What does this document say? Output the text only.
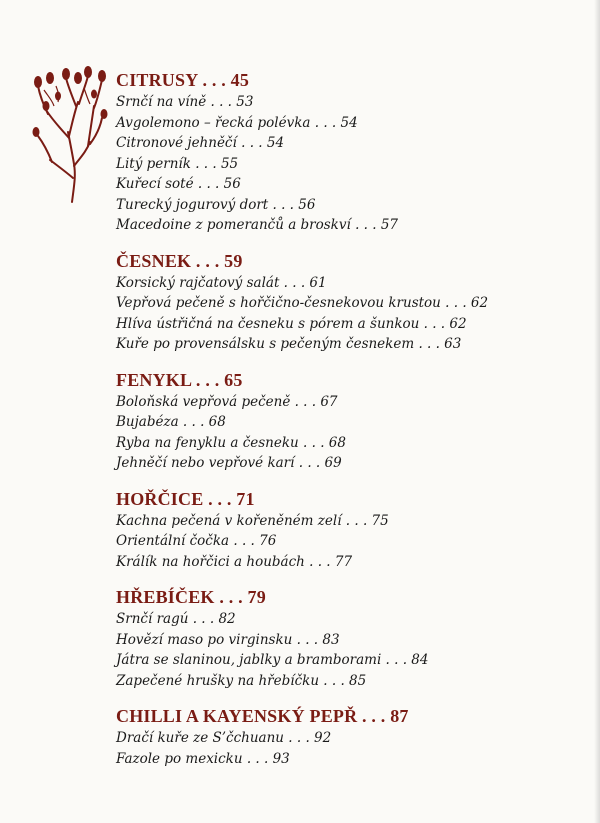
CITRUSY . . . 45
Srnčí na víně . . . 53
Avgolemono – řecká polévka . . . 54
Citronové jehněčí . . . 54
Litý perník . . . 55
Kuřecí soté . . . 56
Turecký jogurový dort . . . 56
Macedoine z pomerančů a broskví . . . 57
ČESNEK . . . 59
Korsický rajčatový salát . . . 61
Vepřová pečeně s hořčično-česnekovou krustou . . . 62
Hlíva ústřičná na česneku s pórem a šunkou . . . 62
Kuře po provensálsku s pečeným česnekem . . . 63
FENYKL . . . 65
Boloňská vepřová pečeně . . . 67
Bujabéza . . . 68
Ryba na fenyklu a česneku . . . 68
Jehněčí nebo vepřové karí . . . 69
HOŘČICE . . . 71
Kachna pečená v kořeněném zelí . . . 75
Orientální čočka . . . 76
Králík na hořčici a houbách . . . 77
HŘEBÍČEK . . . 79
Srnčí ragú . . . 82
Hovězí maso po virginsku . . . 83
Játra se slaninou, jablky a bramborami . . . 84
Zapečené hrušky na hřebíčku . . . 85
CHILLI A KAYENSKÝ PEPŘ . . . 87
Dračí kuře ze S’čchuanu . . . 92
Fazole po mexicku . . . 93
